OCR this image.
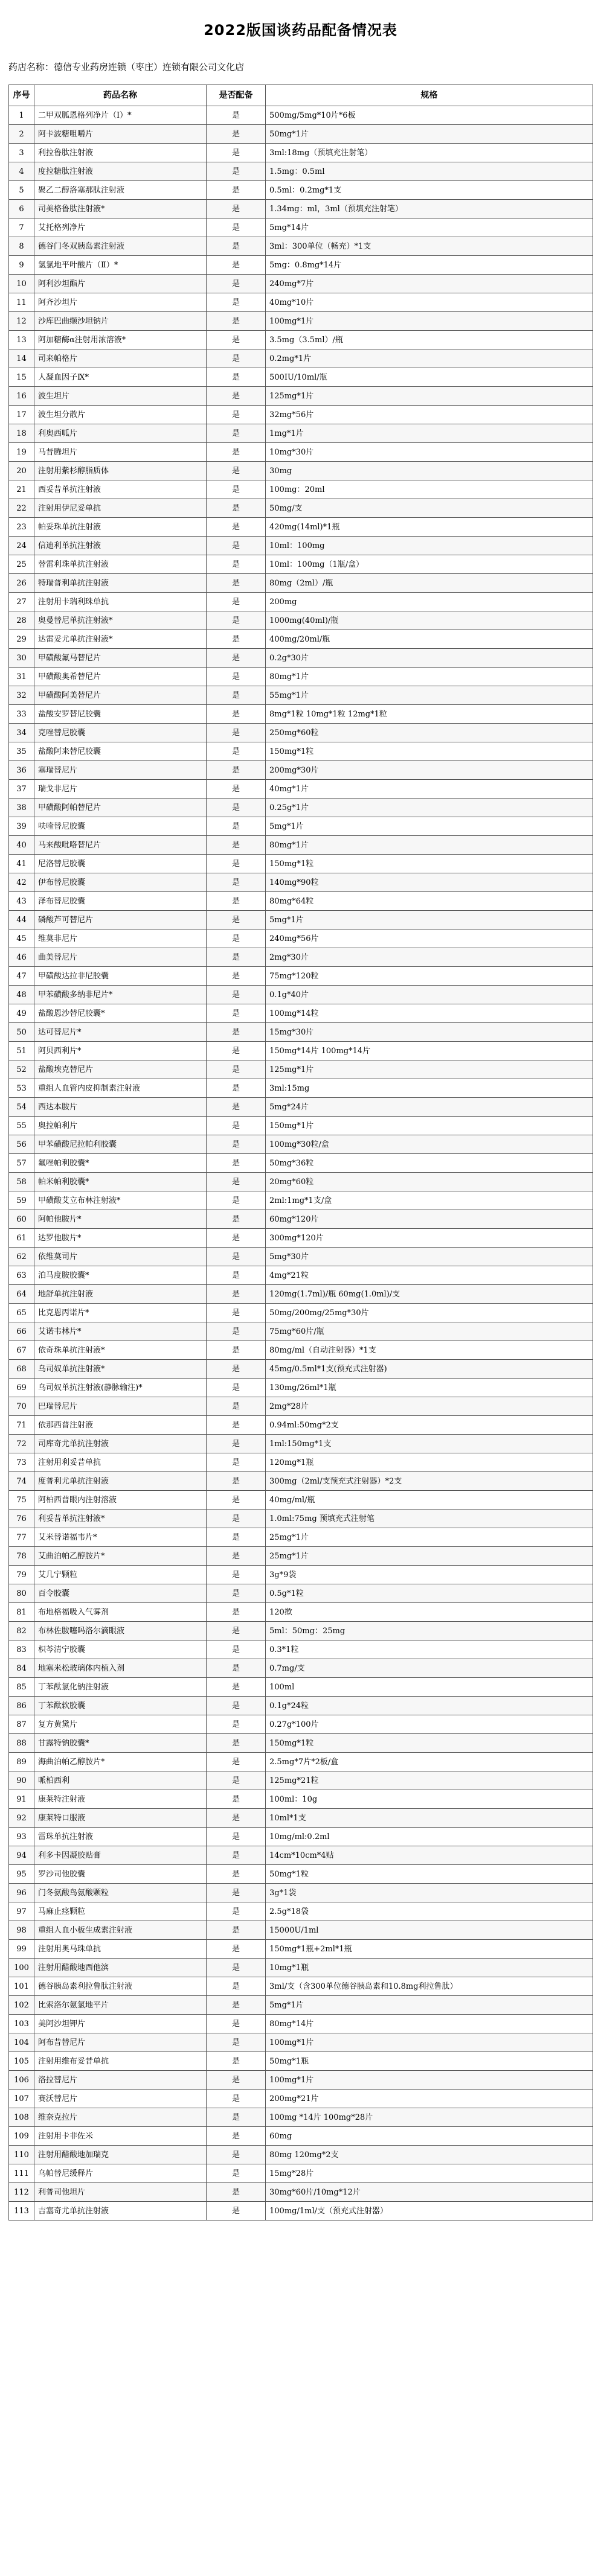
2022版国谈药品配备情况表
药店名称：德信专业药房连锁（枣庄）连锁有限公司文化店
序号	药品名称	是否配备	规格
1	二甲双胍恩格列净片（Ⅰ）*	是	500mg/5mg*10片*6板
2	阿卡波糖咀嚼片	是	50mg*1片
3	利拉鲁肽注射液	是	3ml:18mg（预填充注射笔）
4	度拉糖肽注射液	是	1.5mg：0.5ml
5	聚乙二醇洛塞那肽注射液	是	0.5ml：0.2mg*1支
6	司美格鲁肽注射液*	是	1.34mg：ml，3ml（预填充注射笔）
7	艾托格列净片	是	5mg*14片
8	德谷门冬双胰岛素注射液	是	3ml：300单位（畅充）*1支
9	氢氯地平叶酸片（Ⅱ）*	是	5mg：0.8mg*14片
10	阿利沙坦酯片	是	240mg*7片
11	阿齐沙坦片	是	40mg*10片
12	沙库巴曲缬沙坦钠片	是	100mg*1片
13	阿加糖酶α注射用浓溶液*	是	3.5mg（3.5ml）/瓶
14	司来帕格片	是	0.2mg*1片
15	人凝血因子Ⅸ*	是	500IU/10ml/瓶
16	波生坦片	是	125mg*1片
17	波生坦分散片	是	32mg*56片
18	利奥西呱片	是	1mg*1片
19	马昔腾坦片	是	10mg*30片
20	注射用紫杉醇脂质体	是	30mg
21	西妥昔单抗注射液	是	100mg：20ml
22	注射用伊尼妥单抗	是	50mg/支
23	帕妥珠单抗注射液	是	420mg(14ml)*1瓶
24	信迪利单抗注射液	是	10ml：100mg
25	替雷利珠单抗注射液	是	10ml：100mg（1瓶/盒）
26	特瑞普利单抗注射液	是	80mg（2ml）/瓶
27	注射用卡瑞利珠单抗	是	200mg
28	奥曼替尼单抗注射液*	是	1000mg(40ml)/瓶
29	达雷妥尤单抗注射液*	是	400mg/20ml/瓶
30	甲磺酸氟马替尼片	是	0.2g*30片
31	甲磺酸奥希替尼片	是	80mg*1片
32	甲磺酸阿美替尼片	是	55mg*1片
33	盐酸安罗替尼胶囊	是	8mg*1粒 10mg*1粒 12mg*1粒
34	克唑替尼胶囊	是	250mg*60粒
35	盐酸阿来替尼胶囊	是	150mg*1粒
36	塞瑞替尼片	是	200mg*30片
37	瑞戈非尼片	是	40mg*1片
38	甲磺酸阿帕替尼片	是	0.25g*1片
39	呋喹替尼胶囊	是	5mg*1片
40	马来酸吡咯替尼片	是	80mg*1片
41	尼洛替尼胶囊	是	150mg*1粒
42	伊布替尼胶囊	是	140mg*90粒
43	泽布替尼胶囊	是	80mg*64粒
44	磷酸芦可替尼片	是	5mg*1片
45	维莫非尼片	是	240mg*56片
46	曲美替尼片	是	2mg*30片
47	甲磺酸达拉非尼胶囊	是	75mg*120粒
48	甲苯磺酸多纳非尼片*	是	0.1g*40片
49	盐酸恩沙替尼胶囊*	是	100mg*14粒
50	达可替尼片*	是	15mg*30片
51	阿贝西利片*	是	150mg*14片 100mg*14片
52	盐酸埃克替尼片	是	125mg*1片
53	重组人血管内皮抑制素注射液	是	3ml:15mg
54	西达本胺片	是	5mg*24片
55	奥拉帕利片	是	150mg*1片
56	甲苯磺酸尼拉帕利胶囊	是	100mg*30粒/盒
57	氟唑帕利胶囊*	是	50mg*36粒
58	帕米帕利胶囊*	是	20mg*60粒
59	甲磺酸艾立布林注射液*	是	2ml:1mg*1支/盒
60	阿帕他胺片*	是	60mg*120片
61	达罗他胺片*	是	300mg*120片
62	依维莫司片	是	5mg*30片
63	泊马度胺胶囊*	是	4mg*21粒
64	地舒单抗注射液	是	120mg(1.7ml)/瓶 60mg(1.0ml)/支
65	比克恩丙诺片*	是	50mg/200mg/25mg*30片
66	艾诺韦林片*	是	75mg*60片/瓶
67	依奇珠单抗注射液*	是	80mg/ml（自动注射器）*1支
68	乌司奴单抗注射液*	是	45mg/0.5ml*1支(预充式注射器)
69	乌司奴单抗注射液(静脉输注)*	是	130mg/26ml*1瓶
70	巴瑞替尼片	是	2mg*28片
71	依那西普注射液	是	0.94ml:50mg*2支
72	司库奇尤单抗注射液	是	1ml:150mg*1支
73	注射用利妥昔单抗	是	120mg*1瓶
74	度普利尤单抗注射液	是	300mg（2ml/支预充式注射器）*2支
75	阿柏西普眼内注射溶液	是	40mg/ml/瓶
76	利妥昔单抗注射液*	是	1.0ml:75mg 预填充式注射笔
77	艾米替诺福韦片*	是	25mg*1片
78	艾曲泊帕乙醇胺片*	是	25mg*1片
79	艾几宁颗粒	是	3g*9袋
80	百令胶囊	是	0.5g*1粒
81	布地格福吸入气雾剂	是	120揿
82	布林佐胺噻吗洛尔滴眼液	是	5ml：50mg：25mg
83	枳芩清宁胶囊	是	0.3*1粒
84	地塞米松玻璃体内植入剂	是	0.7mg/支
85	丁苯酞氯化钠注射液	是	100ml
86	丁苯酞软胶囊	是	0.1g*24粒
87	复方黄黛片	是	0.27g*100片
88	甘露特钠胶囊*	是	150mg*1粒
89	海曲泊帕乙醇胺片*	是	2.5mg*7片*2板/盒
90	哌柏西利	是	125mg*21粒
91	康莱特注射液	是	100ml：10g
92	康莱特口服液	是	10ml*1支
93	雷珠单抗注射液	是	10mg/ml:0.2ml
94	利多卡因凝胶贴膏	是	14cm*10cm*4贴
95	罗沙司他胶囊	是	50mg*1粒
96	门冬氨酸鸟氨酸颗粒	是	3g*1袋
97	马麻止痉颗粒	是	2.5g*18袋
98	重组人血小板生成素注射液	是	15000U/1ml
99	注射用奥马珠单抗	是	150mg*1瓶+2ml*1瓶
100	注射用醋酸地西他滨	是	10mg*1瓶
101	德谷胰岛素利拉鲁肽注射液	是	3ml/支（含300单位德谷胰岛素和10.8mg利拉鲁肽）
102	比索洛尔氨氯地平片	是	5mg*1片
103	美阿沙坦钾片	是	80mg*14片
104	阿布昔替尼片	是	100mg*1片
105	注射用维布妥昔单抗	是	50mg*1瓶
106	洛拉替尼片	是	100mg*1片
107	赛沃替尼片	是	200mg*21片
108	维奈克拉片	是	100mg *14片 100mg*28片
109	注射用卡非佐米	是	60mg
110	注射用醋酸地加瑞克	是	80mg 120mg*2支
111	乌帕替尼缓释片	是	15mg*28片
112	利普司他坦片	是	30mg*60片/10mg*12片
113	吉塞奇尤单抗注射液	是	100mg/1ml/支（预充式注射器）
